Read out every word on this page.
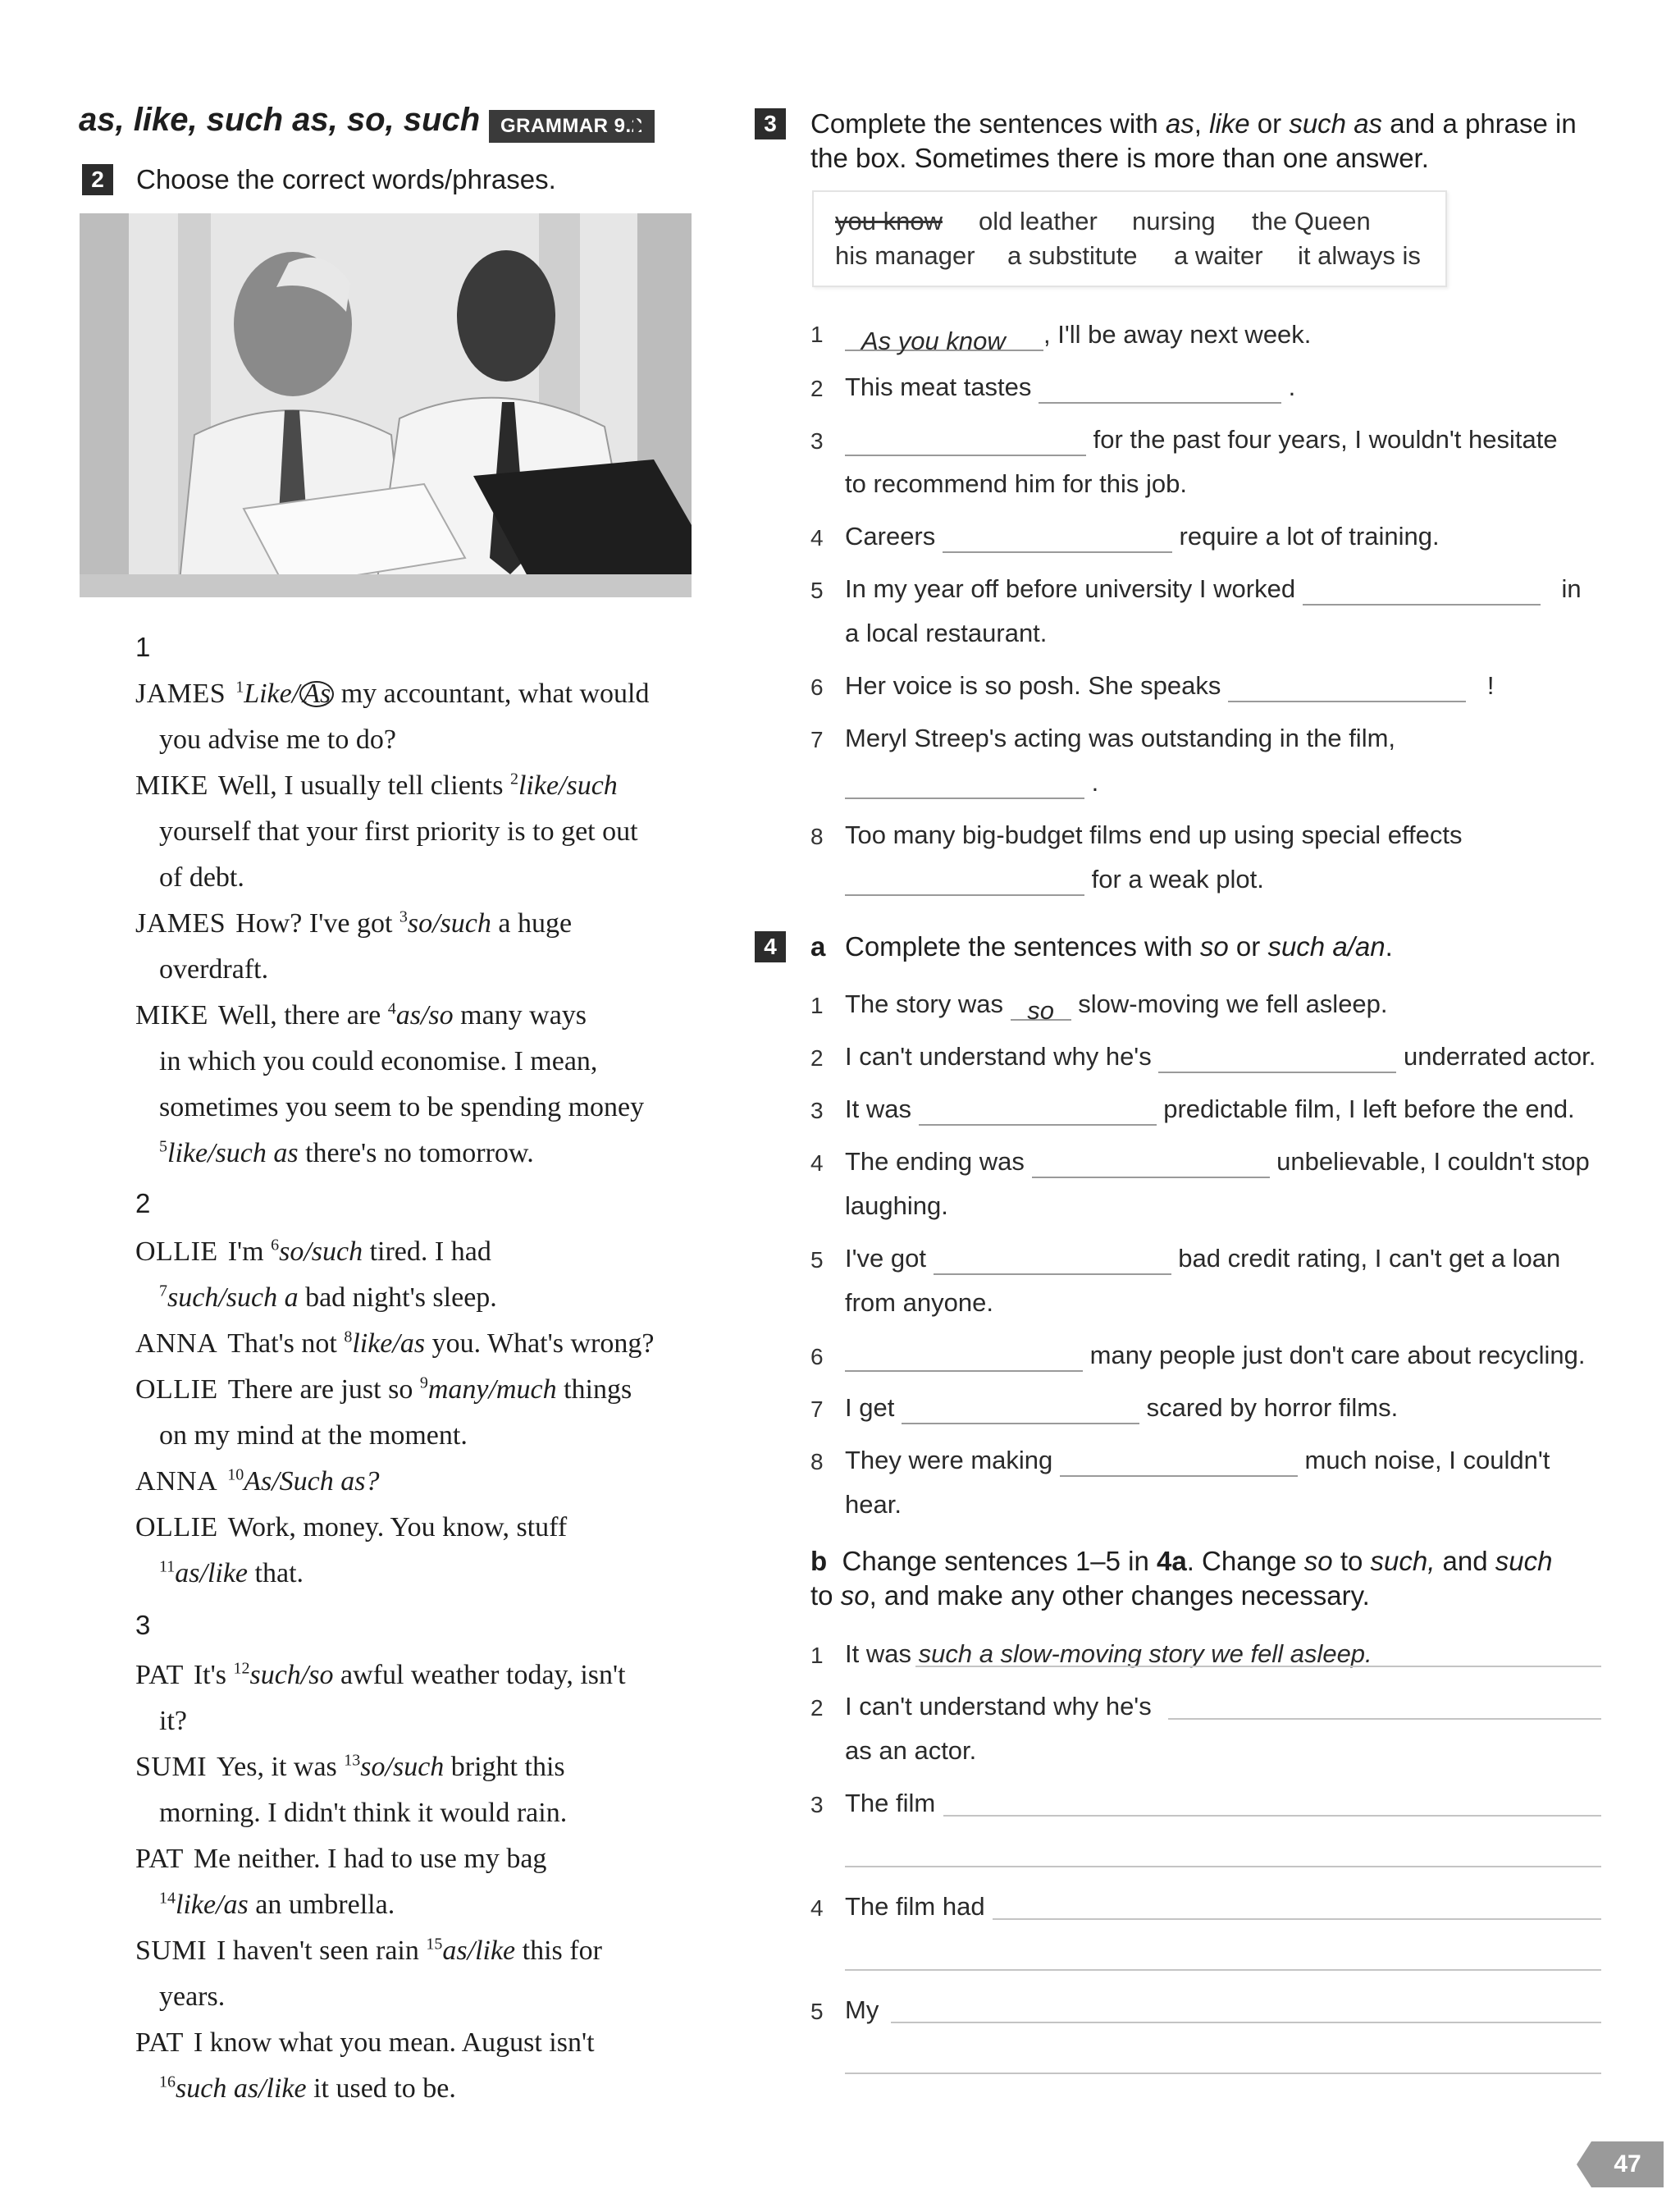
as, like, such as, so, such	GRAMMAR 9.2
2	Choose the correct words/phrases.
1
JAMES $^1$Like/ As my accountant, what would
you advise me to do?
MIKE Well, I usually tell clients $^2$like/such
yourself that your first priority is to get out
of debt.
JAMES How? I've got $^3$so/such a huge
overdraft.
MIKE Well, there are $^4$as/so many ways
in which you could economise. I mean,
sometimes you seem to be spending money
$^5$like/such as there's no tomorrow.
2
OLLIE I'm $^6$so/such tired. I had
$^7$such/such a bad night's sleep.
ANNA That's not $^8$like/as you. What's wrong?
OLLIE There are just so $^9$many/much things
on my mind at the moment.
ANNA $^{10}$As/Such as?
OLLIE Work, money. You know, stuff
$^{11}$as/like that.
3
PAT It's $^{12}$such/so awful weather today, isn't
it?
SUMI Yes, it was $^{13}$so/such bright this
morning. I didn't think it would rain.
PAT Me neither. I had to use my bag
$^{14}$like/as an umbrella.
SUMI I haven't seen rain $^{15}$as/like this for
years.
PAT I know what you mean. August isn't
$^{16}$such as/like it used to be.
3	Complete the sentences with as, like or such as and a phrase in
the box. Sometimes there is more than one answer.
you know old leather nursing the Queen
his manager a substitute a waiter it always is
1	As you know , I'll be away next week.
2 This meat tastes	.
3	for the past four years, I wouldn't hesitate
to recommend him for this job.
4 Careers	require a lot of training.
5 In my year off before university I worked	in
a local restaurant.
6 Her voice is so posh. She speaks	!
7 Meryl Streep's acting was outstanding in the film,
.
8 Too many big-budget films end up using special effects
for a weak plot.
4	a Complete the sentences with so or such a/an.
1 The story was so slow-moving we fell asleep.
2 I can't understand why he's	underrated actor.
3 It was	predictable film, I left before the end.
4 The ending was	unbelievable, I couldn't stop
laughing.
5 I've got	bad credit rating, I can't get a loan
from anyone.
6	many people just don't care about recycling.
7 I get	scared by horror films.
8 They were making	much noise, I couldn't
hear.
b Change sentences 1–5 in 4a. Change so to such, and such
to so, and make any other changes necessary.
1 It was such a slow-moving story we fell asleep.
2 I can't understand why he's
as an actor.
3 The film
4 The film had
5 My
47
